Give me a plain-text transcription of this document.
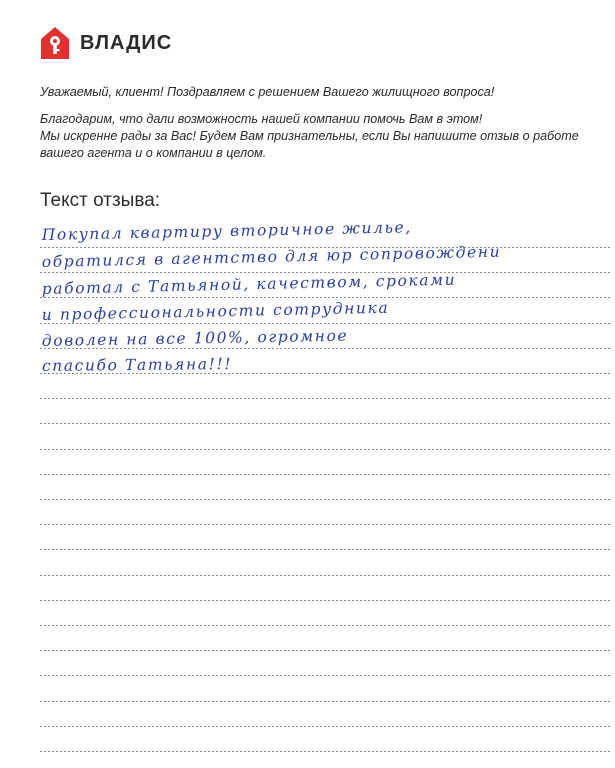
ВЛАДИС

Уважаемый, клиент! Поздравляем с решением Вашего жилищного вопроса!

Благодарим, что дали возможность нашей компании помочь Вам в этом!
Мы искренне рады за Вас! Будем Вам признательны, если Вы напишите отзыв о работе
вашего агента и о компании в целом.

Текст отзыва:
Покупал квартиру вторичное жилье,
обратился в агентство для юр сопровождени
работал с Татьяной, качеством, сроками
и профессиональности сотрудника
доволен на все 100%, огромное
спасибо Татьяна!!!
